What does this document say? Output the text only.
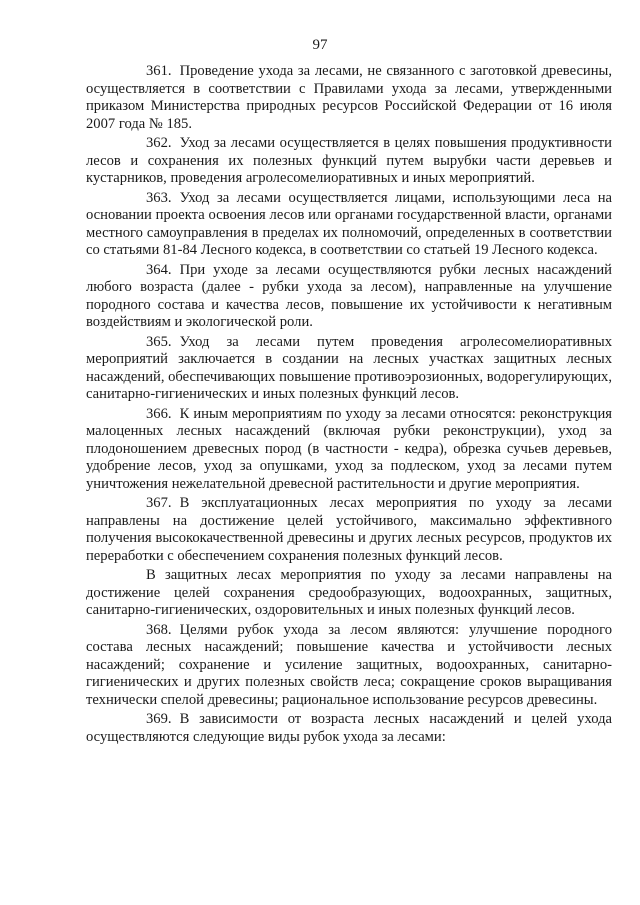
97

361. Проведение ухода за лесами, не связанного с заготовкой древесины, осуществляется в соответствии с Правилами ухода за лесами, утвержденными приказом Министерства природных ресурсов Российской Федерации от 16 июля 2007 года № 185.

362. Уход за лесами осуществляется в целях повышения продуктивности лесов и сохранения их полезных функций путем вырубки части деревьев и кустарников, проведения агролесомелиоративных и иных мероприятий.

363. Уход за лесами осуществляется лицами, использующими леса на основании проекта освоения лесов или органами государственной власти, органами местного самоуправления в пределах их полномочий, определенных в соответствии со статьями 81-84 Лесного кодекса, в соответствии со статьей 19 Лесного кодекса.

364. При уходе за лесами осуществляются рубки лесных насаждений любого возраста (далее - рубки ухода за лесом), направленные на улучшение породного состава и качества лесов, повышение их устойчивости к негативным воздействиям и экологической роли.

365. Уход за лесами путем проведения агролесомелиоративных мероприятий заключается в создании на лесных участках защитных лесных насаждений, обеспечивающих повышение противоэрозионных, водорегулирующих, санитарно-гигиенических и иных полезных функций лесов.

366. К иным мероприятиям по уходу за лесами относятся: реконструкция малоценных лесных насаждений (включая рубки реконструкции), уход за плодоношением древесных пород (в частности - кедра), обрезка сучьев деревьев, удобрение лесов, уход за опушками, уход за подлеском, уход за лесами путем уничтожения нежелательной древесной растительности и другие мероприятия.

367. В эксплуатационных лесах мероприятия по уходу за лесами направлены на достижение целей устойчивого, максимально эффективного получения высококачественной древесины и других лесных ресурсов, продуктов их переработки с обеспечением сохранения полезных функций лесов.

В защитных лесах мероприятия по уходу за лесами направлены на достижение целей сохранения средообразующих, водоохранных, защитных, санитарно-гигиенических, оздоровительных и иных полезных функций лесов.

368. Целями рубок ухода за лесом являются: улучшение породного состава лесных насаждений; повышение качества и устойчивости лесных насаждений; сохранение и усиление защитных, водоохранных, санитарно-гигиенических и других полезных свойств леса; сокращение сроков выращивания технически спелой древесины; рациональное использование ресурсов древесины.

369. В зависимости от возраста лесных насаждений и целей ухода осуществляются следующие виды рубок ухода за лесами:
